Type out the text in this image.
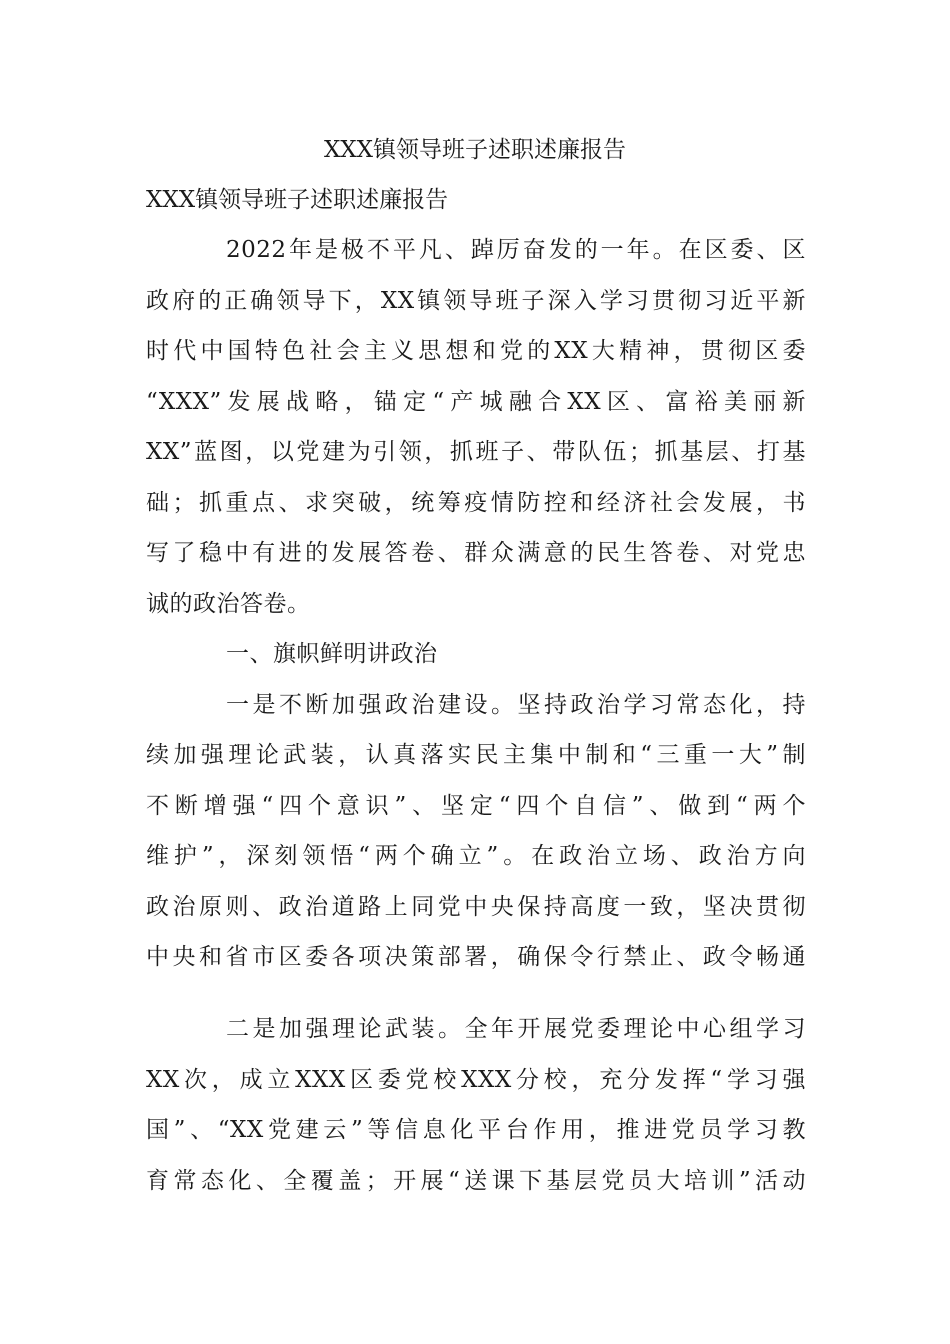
XXX镇领导班子述职述廉报告

XXX镇领导班子述职述廉报告

2022年是极不平凡、踔厉奋发的一年。在区委、区
政府的正确领导下，XX镇领导班子深入学习贯彻习近平新
时代中国特色社会主义思想和党的XX大精神，贯彻区委
“XXX”发展战略，锚定“产城融合XX区、富裕美丽新
XX”蓝图，以党建为引领，抓班子、带队伍；抓基层、打基
础；抓重点、求突破，统筹疫情防控和经济社会发展，书
写了稳中有进的发展答卷、群众满意的民生答卷、对党忠
诚的政治答卷。
一、旗帜鲜明讲政治
一是不断加强政治建设。坚持政治学习常态化，持
续加强理论武装，认真落实民主集中制和“三重一大”制
不断增强“四个意识”、坚定“四个自信”、做到“两个
维护”，深刻领悟“两个确立”。在政治立场、政治方向
政治原则、政治道路上同党中央保持高度一致，坚决贯彻
中央和省市区委各项决策部署，确保令行禁止、政令畅通
二是加强理论武装。全年开展党委理论中心组学习
XX次，成立XXX区委党校XXX分校，充分发挥“学习强
国”、“XX党建云”等信息化平台作用，推进党员学习教
育常态化、全覆盖；开展“送课下基层党员大培训”活动
